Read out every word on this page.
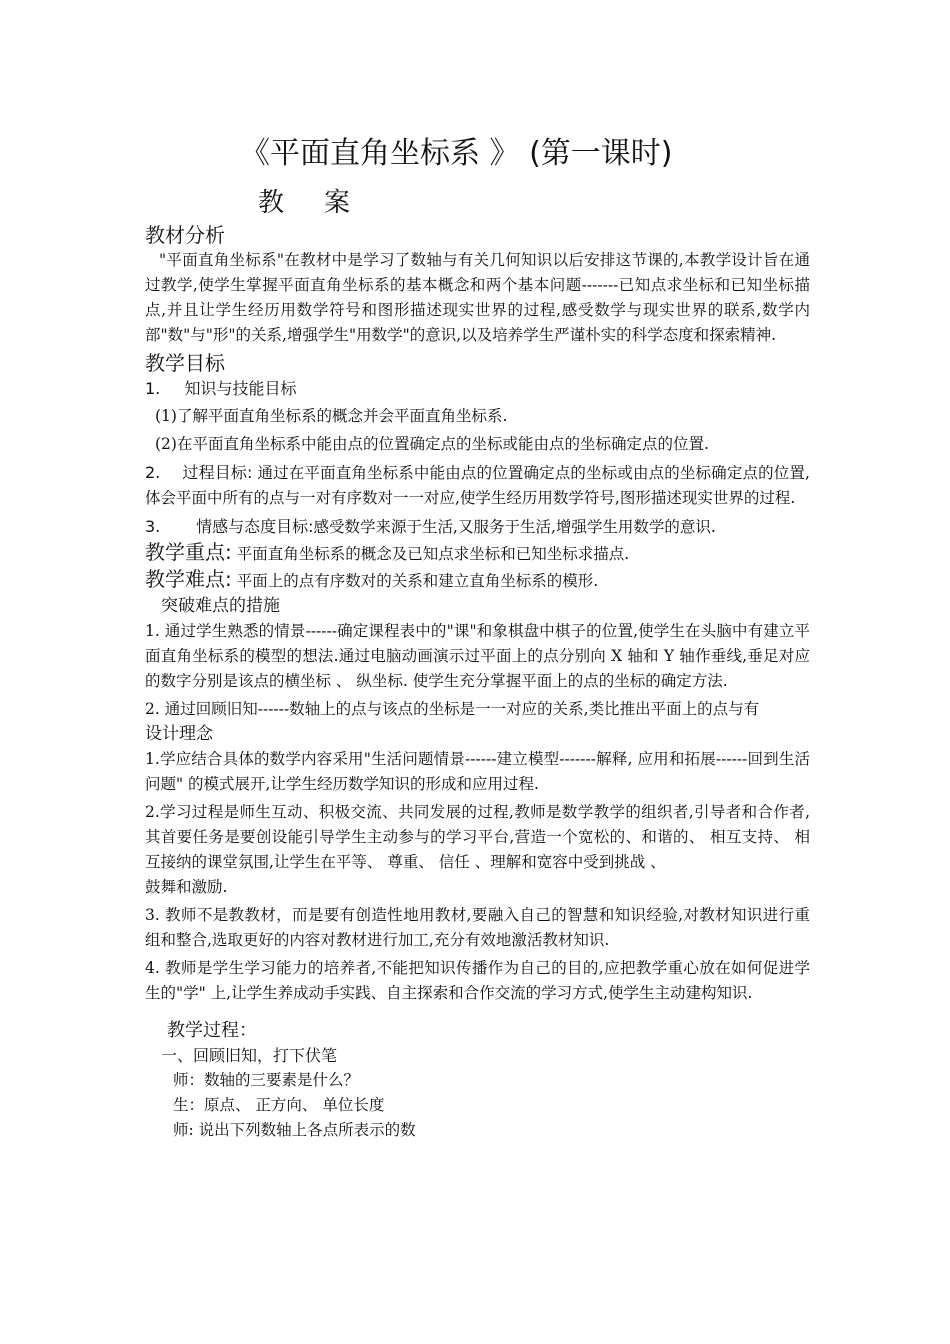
《平面直角坐标系 》 (第一课时)
教案
教材分析

"平面直角坐标系"在教材中是学习了数轴与有关几何知识以后安排这节课的,本教学设计旨在通过教学,使学生掌握平面直角坐标系的基本概念和两个基本问题-------已知点求坐标和已知坐标描点,并且让学生经历用数学符号和图形描述现实世界的过程,感受数学与现实世界的联系,数学内部"数"与"形"的关系,增强学生"用数学"的意识,以及培养学生严谨朴实的科学态度和探索精神.

教学目标
1. 知识与技能目标

(1)了解平面直角坐标系的概念并会平面直角坐标系.

(2)在平面直角坐标系中能由点的位置确定点的坐标或能由点的坐标确定点的位置.

2. 过程目标: 通过在平面直角坐标系中能由点的位置确定点的坐标或由点的坐标确定点的位置,体会平面中所有的点与一对有序数对一一对应,使学生经历用数学符号,图形描述现实世界的过程.

3. 情感与态度目标:感受数学来源于生活,又服务于生活,增强学生用数学的意识.

教学重点: 平面直角坐标系的概念及已知点求坐标和已知坐标求描点.

教学难点: 平面上的点有序数对的关系和建立直角坐标系的模形.

突破难点的措施

1. 通过学生熟悉的情景------确定课程表中的"课"和象棋盘中棋子的位置,使学生在头脑中有建立平面直角坐标系的模型的想法.通过电脑动画演示过平面上的点分别向 X 轴和 Y 轴作垂线,垂足对应的数字分别是该点的横坐标 、 纵坐标. 使学生充分掌握平面上的点的坐标的确定方法.

2. 通过回顾旧知------数轴上的点与该点的坐标是一一对应的关系,类比推出平面上的点与有

设计理念

1.学应结合具体的数学内容采用"生活问题情景------建立模型-------解释, 应用和拓展------回到生活问题" 的模式展开,让学生经历数学知识的形成和应用过程.

2.学习过程是师生互动、积极交流、共同发展的过程,教师是数学教学的组织者,引导者和合作者,其首要任务是要创设能引导学生主动参与的学习平台,营造一个宽松的、和谐的、 相互支持、 相互接纳的课堂氛围,让学生在平等、 尊重、 信任 、理解和宽容中受到挑战 、

鼓舞和激励.

3. 教师不是教教材，而是要有创造性地用教材,要融入自己的智慧和知识经验,对教材知识进行重组和整合,选取更好的内容对教材进行加工,充分有效地激活教材知识.

4. 教师是学生学习能力的培养者,不能把知识传播作为自己的目的,应把教学重心放在如何促进学生的"学" 上,让学生养成动手实践、自主探索和合作交流的学习方式,使学生主动建构知识.

教学过程：

一、回顾旧知，打下伏笔

师：数轴的三要素是什么？

生：原点、 正方向、 单位长度

师: 说出下列数轴上各点所表示的数
